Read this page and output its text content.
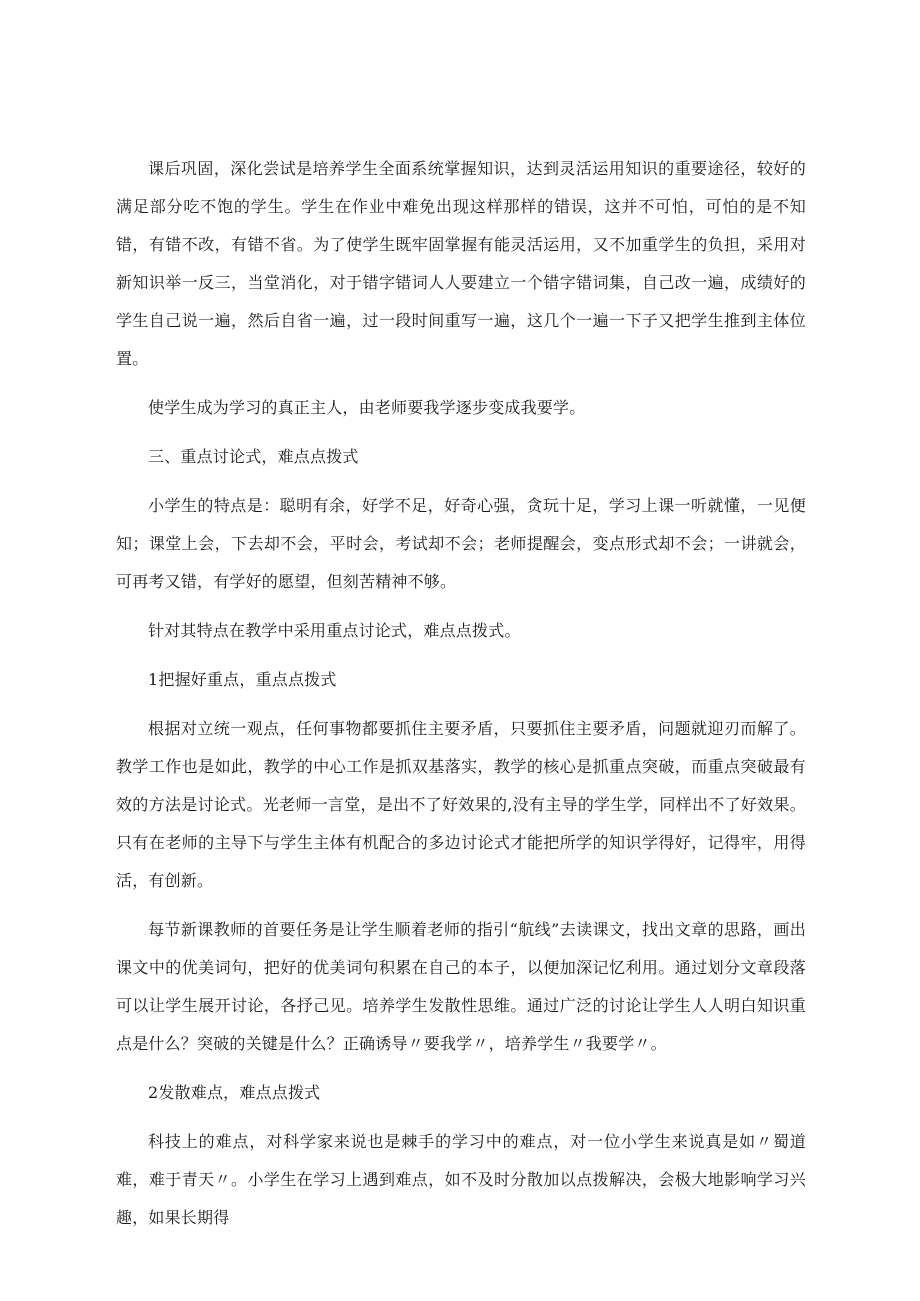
课后巩固，深化尝试是培养学生全面系统掌握知识，达到灵活运用知识的重要途径，较好的满足部分吃不饱的学生。学生在作业中难免出现这样那样的错误，这并不可怕，可怕的是不知错，有错不改，有错不省。为了使学生既牢固掌握有能灵活运用，又不加重学生的负担，采用对新知识举一反三，当堂消化，对于错字错词人人要建立一个错字错词集，自己改一遍，成绩好的学生自己说一遍，然后自省一遍，过一段时间重写一遍，这几个一遍一下子又把学生推到主体位置。

使学生成为学习的真正主人，由老师要我学逐步变成我要学。

三、重点讨论式，难点点拨式

小学生的特点是：聪明有余，好学不足，好奇心强，贪玩十足，学习上课一听就懂，一见便知；课堂上会，下去却不会，平时会，考试却不会；老师提醒会，变点形式却不会；一讲就会，可再考又错，有学好的愿望，但刻苦精神不够。

针对其特点在教学中采用重点讨论式，难点点拨式。

1把握好重点，重点点拨式

根据对立统一观点，任何事物都要抓住主要矛盾，只要抓住主要矛盾，问题就迎刃而解了。教学工作也是如此，教学的中心工作是抓双基落实，教学的核心是抓重点突破，而重点突破最有效的方法是讨论式。光老师一言堂，是出不了好效果的,没有主导的学生学，同样出不了好效果。只有在老师的主导下与学生主体有机配合的多边讨论式才能把所学的知识学得好，记得牢，用得活，有创新。

每节新课教师的首要任务是让学生顺着老师的指引“航线”去读课文，找出文章的思路，画出课文中的优美词句，把好的优美词句积累在自己的本子，以便加深记忆利用。通过划分文章段落可以让学生展开讨论，各抒己见。培养学生发散性思维。通过广泛的讨论让学生人人明白知识重点是什么？突破的关键是什么？正确诱导〃要我学〃，培养学生〃我要学〃。

2发散难点，难点点拨式

科技上的难点，对科学家来说也是棘手的学习中的难点，对一位小学生来说真是如〃蜀道难，难于青天〃。小学生在学习上遇到难点，如不及时分散加以点拨解决，会极大地影响学习兴趣，如果长期得
